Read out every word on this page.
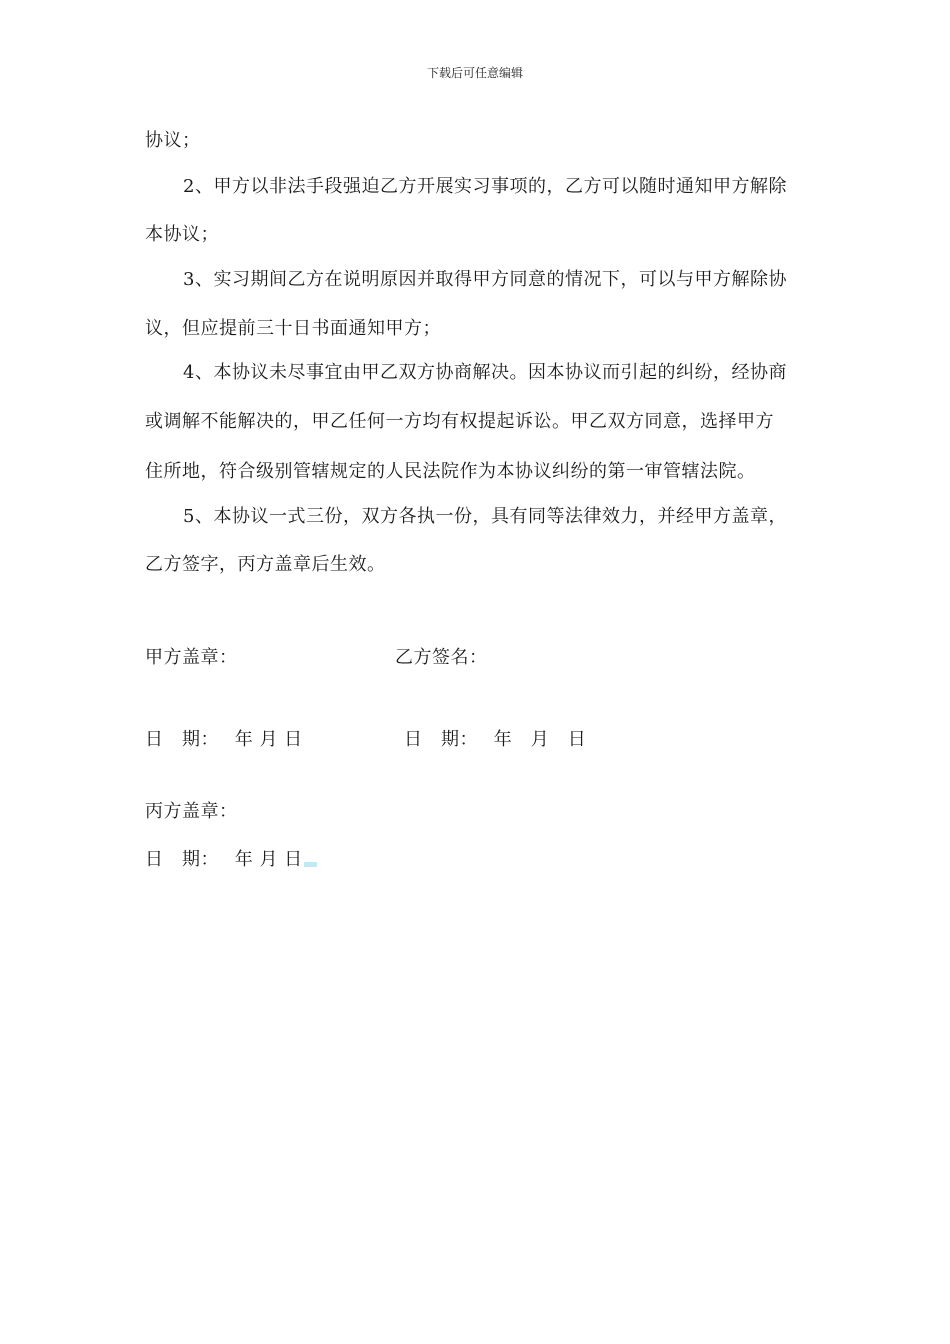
下载后可任意编辑
协议；
2、甲方以非法手段强迫乙方开展实习事项的，乙方可以随时通知甲方解除
本协议；
3、实习期间乙方在说明原因并取得甲方同意的情况下，可以与甲方解除协
议，但应提前三十日书面通知甲方；
4、本协议未尽事宜由甲乙双方协商解决。因本协议而引起的纠纷，经协商
或调解不能解决的，甲乙任何一方均有权提起诉讼。甲乙双方同意，选择甲方
住所地，符合级别管辖规定的人民法院作为本协议纠纷的第一审管辖法院。
5、本协议一式三份，双方各执一份，具有同等法律效力，并经甲方盖章，
乙方签字，丙方盖章后生效。
甲方盖章：	乙方签名：
日　期：　 年 月 日	日　期：　 年　月　日
丙方盖章：
日　期：　 年 月 日
